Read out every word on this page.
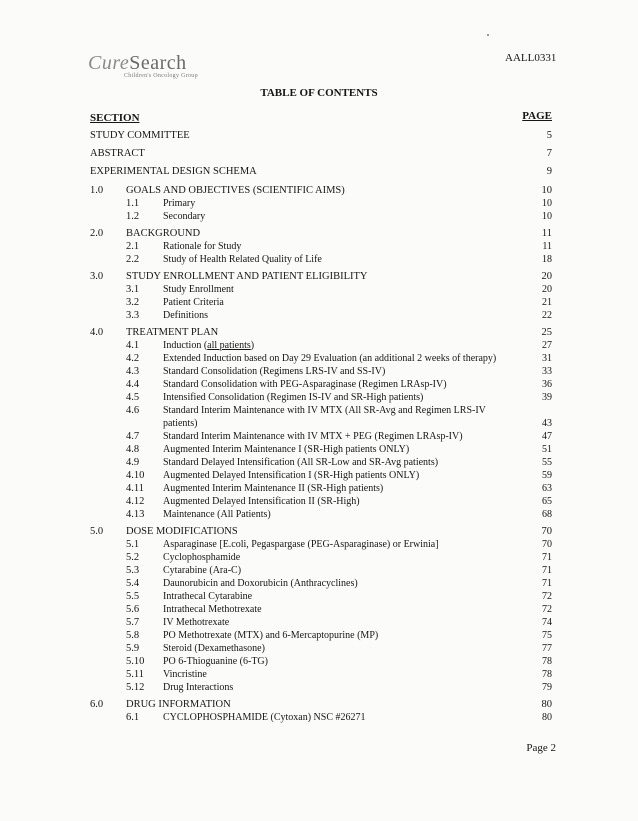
CureSearch
Children's Oncology Group
AALL0331
TABLE OF CONTENTS
SECTION	PAGE
STUDY COMMITTEE	5
ABSTRACT	7
EXPERIMENTAL DESIGN SCHEMA	9
1.0 GOALS AND OBJECTIVES (SCIENTIFIC AIMS)	10
1.1 Primary	10
1.2 Secondary	10
2.0 BACKGROUND	11
2.1 Rationale for Study	11
2.2 Study of Health Related Quality of Life	18
3.0 STUDY ENROLLMENT AND PATIENT ELIGIBILITY	20
3.1 Study Enrollment	20
3.2 Patient Criteria	21
3.3 Definitions	22
4.0 TREATMENT PLAN	25
4.1 Induction (all patients)	27
4.2 Extended Induction based on Day 29 Evaluation (an additional 2 weeks of therapy)	31
4.3 Standard Consolidation (Regimens LRS-IV and SS-IV)	33
4.4 Standard Consolidation with PEG-Asparaginase (Regimen LRAsp-IV)	36
4.5 Intensified Consolidation (Regimen IS-IV and SR-High patients)	39
4.6 Standard Interim Maintenance with IV MTX (All SR-Avg and Regimen LRS-IV
patients)	43
4.7 Standard Interim Maintenance with IV MTX + PEG (Regimen LRAsp-IV)	47
4.8 Augmented Interim Maintenance I (SR-High patients ONLY)	51
4.9 Standard Delayed Intensification (All SR-Low and SR-Avg patients)	55
4.10 Augmented Delayed Intensification I (SR-High patients ONLY)	59
4.11 Augmented Interim Maintenance II (SR-High patients)	63
4.12 Augmented Delayed Intensification II (SR-High)	65
4.13 Maintenance (All Patients)	68
5.0 DOSE MODIFICATIONS	70
5.1 Asparaginase [E.coli, Pegaspargase (PEG-Asparaginase) or Erwinia]	70
5.2 Cyclophosphamide	71
5.3 Cytarabine (Ara-C)	71
5.4 Daunorubicin and Doxorubicin (Anthracyclines)	71
5.5 Intrathecal Cytarabine	72
5.6 Intrathecal Methotrexate	72
5.7 IV Methotrexate	74
5.8 PO Methotrexate (MTX) and 6-Mercaptopurine (MP)	75
5.9 Steroid (Dexamethasone)	77
5.10 PO 6-Thioguanine (6-TG)	78
5.11 Vincristine	78
5.12 Drug Interactions	79
6.0 DRUG INFORMATION	80
6.1 CYCLOPHOSPHAMIDE (Cytoxan) NSC #26271	80
Page 2
